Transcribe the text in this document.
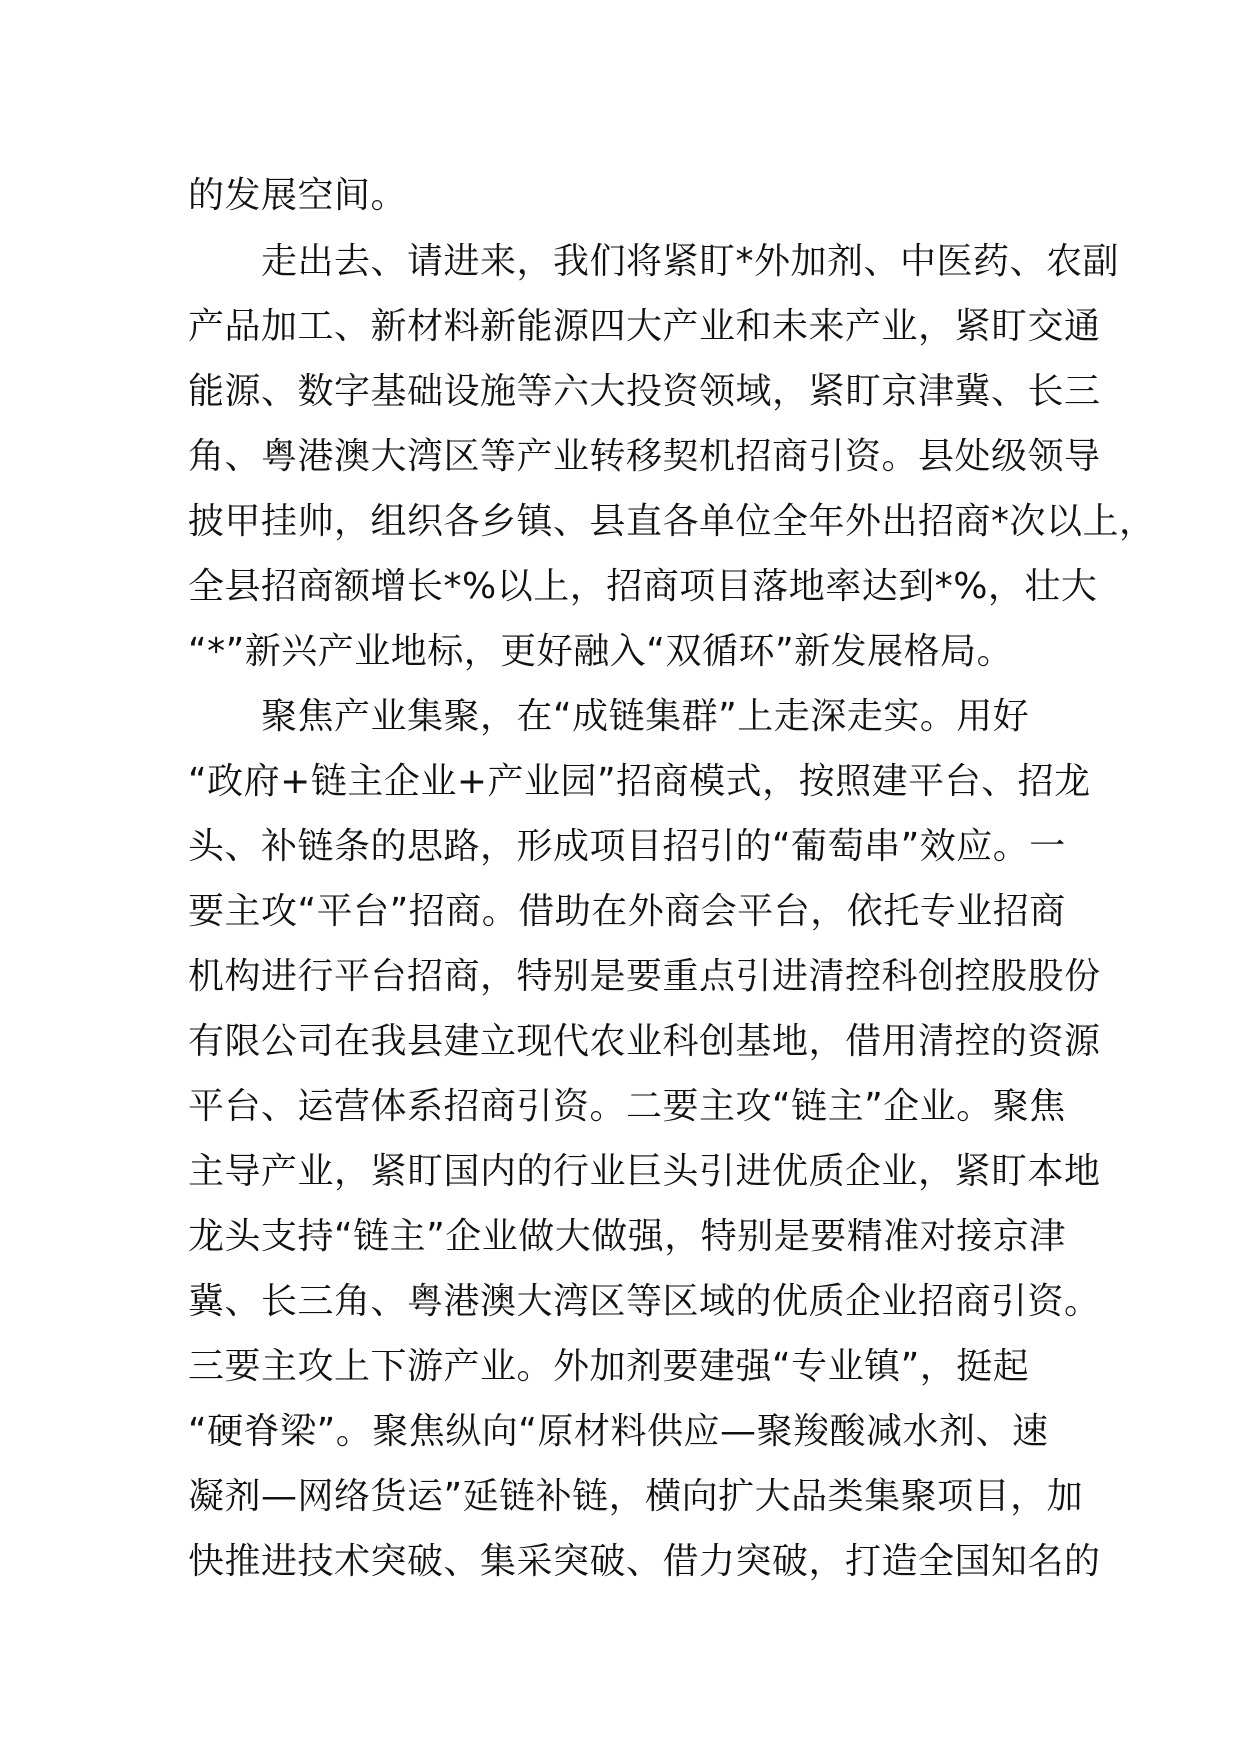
的发展空间。
　　走出去、请进来，我们将紧盯*外加剂、中医药、农副
产品加工、新材料新能源四大产业和未来产业，紧盯交通
能源、数字基础设施等六大投资领域，紧盯京津冀、长三
角、粤港澳大湾区等产业转移契机招商引资。县处级领导
披甲挂帅，组织各乡镇、县直各单位全年外出招商*次以上，
全县招商额增长*%以上，招商项目落地率达到*%，壮大
“*”新兴产业地标，更好融入“双循环”新发展格局。
　　聚焦产业集聚，在“成链集群”上走深走实。用好
“政府+链主企业+产业园”招商模式，按照建平台、招龙
头、补链条的思路，形成项目招引的“葡萄串”效应。一
要主攻“平台”招商。借助在外商会平台，依托专业招商
机构进行平台招商，特别是要重点引进清控科创控股股份
有限公司在我县建立现代农业科创基地，借用清控的资源
平台、运营体系招商引资。二要主攻“链主”企业。聚焦
主导产业，紧盯国内的行业巨头引进优质企业，紧盯本地
龙头支持“链主”企业做大做强，特别是要精准对接京津
冀、长三角、粤港澳大湾区等区域的优质企业招商引资。
三要主攻上下游产业。外加剂要建强“专业镇”，挺起
“硬脊梁”。聚焦纵向“原材料供应—聚羧酸减水剂、速
凝剂—网络货运”延链补链，横向扩大品类集聚项目，加
快推进技术突破、集采突破、借力突破，打造全国知名的
